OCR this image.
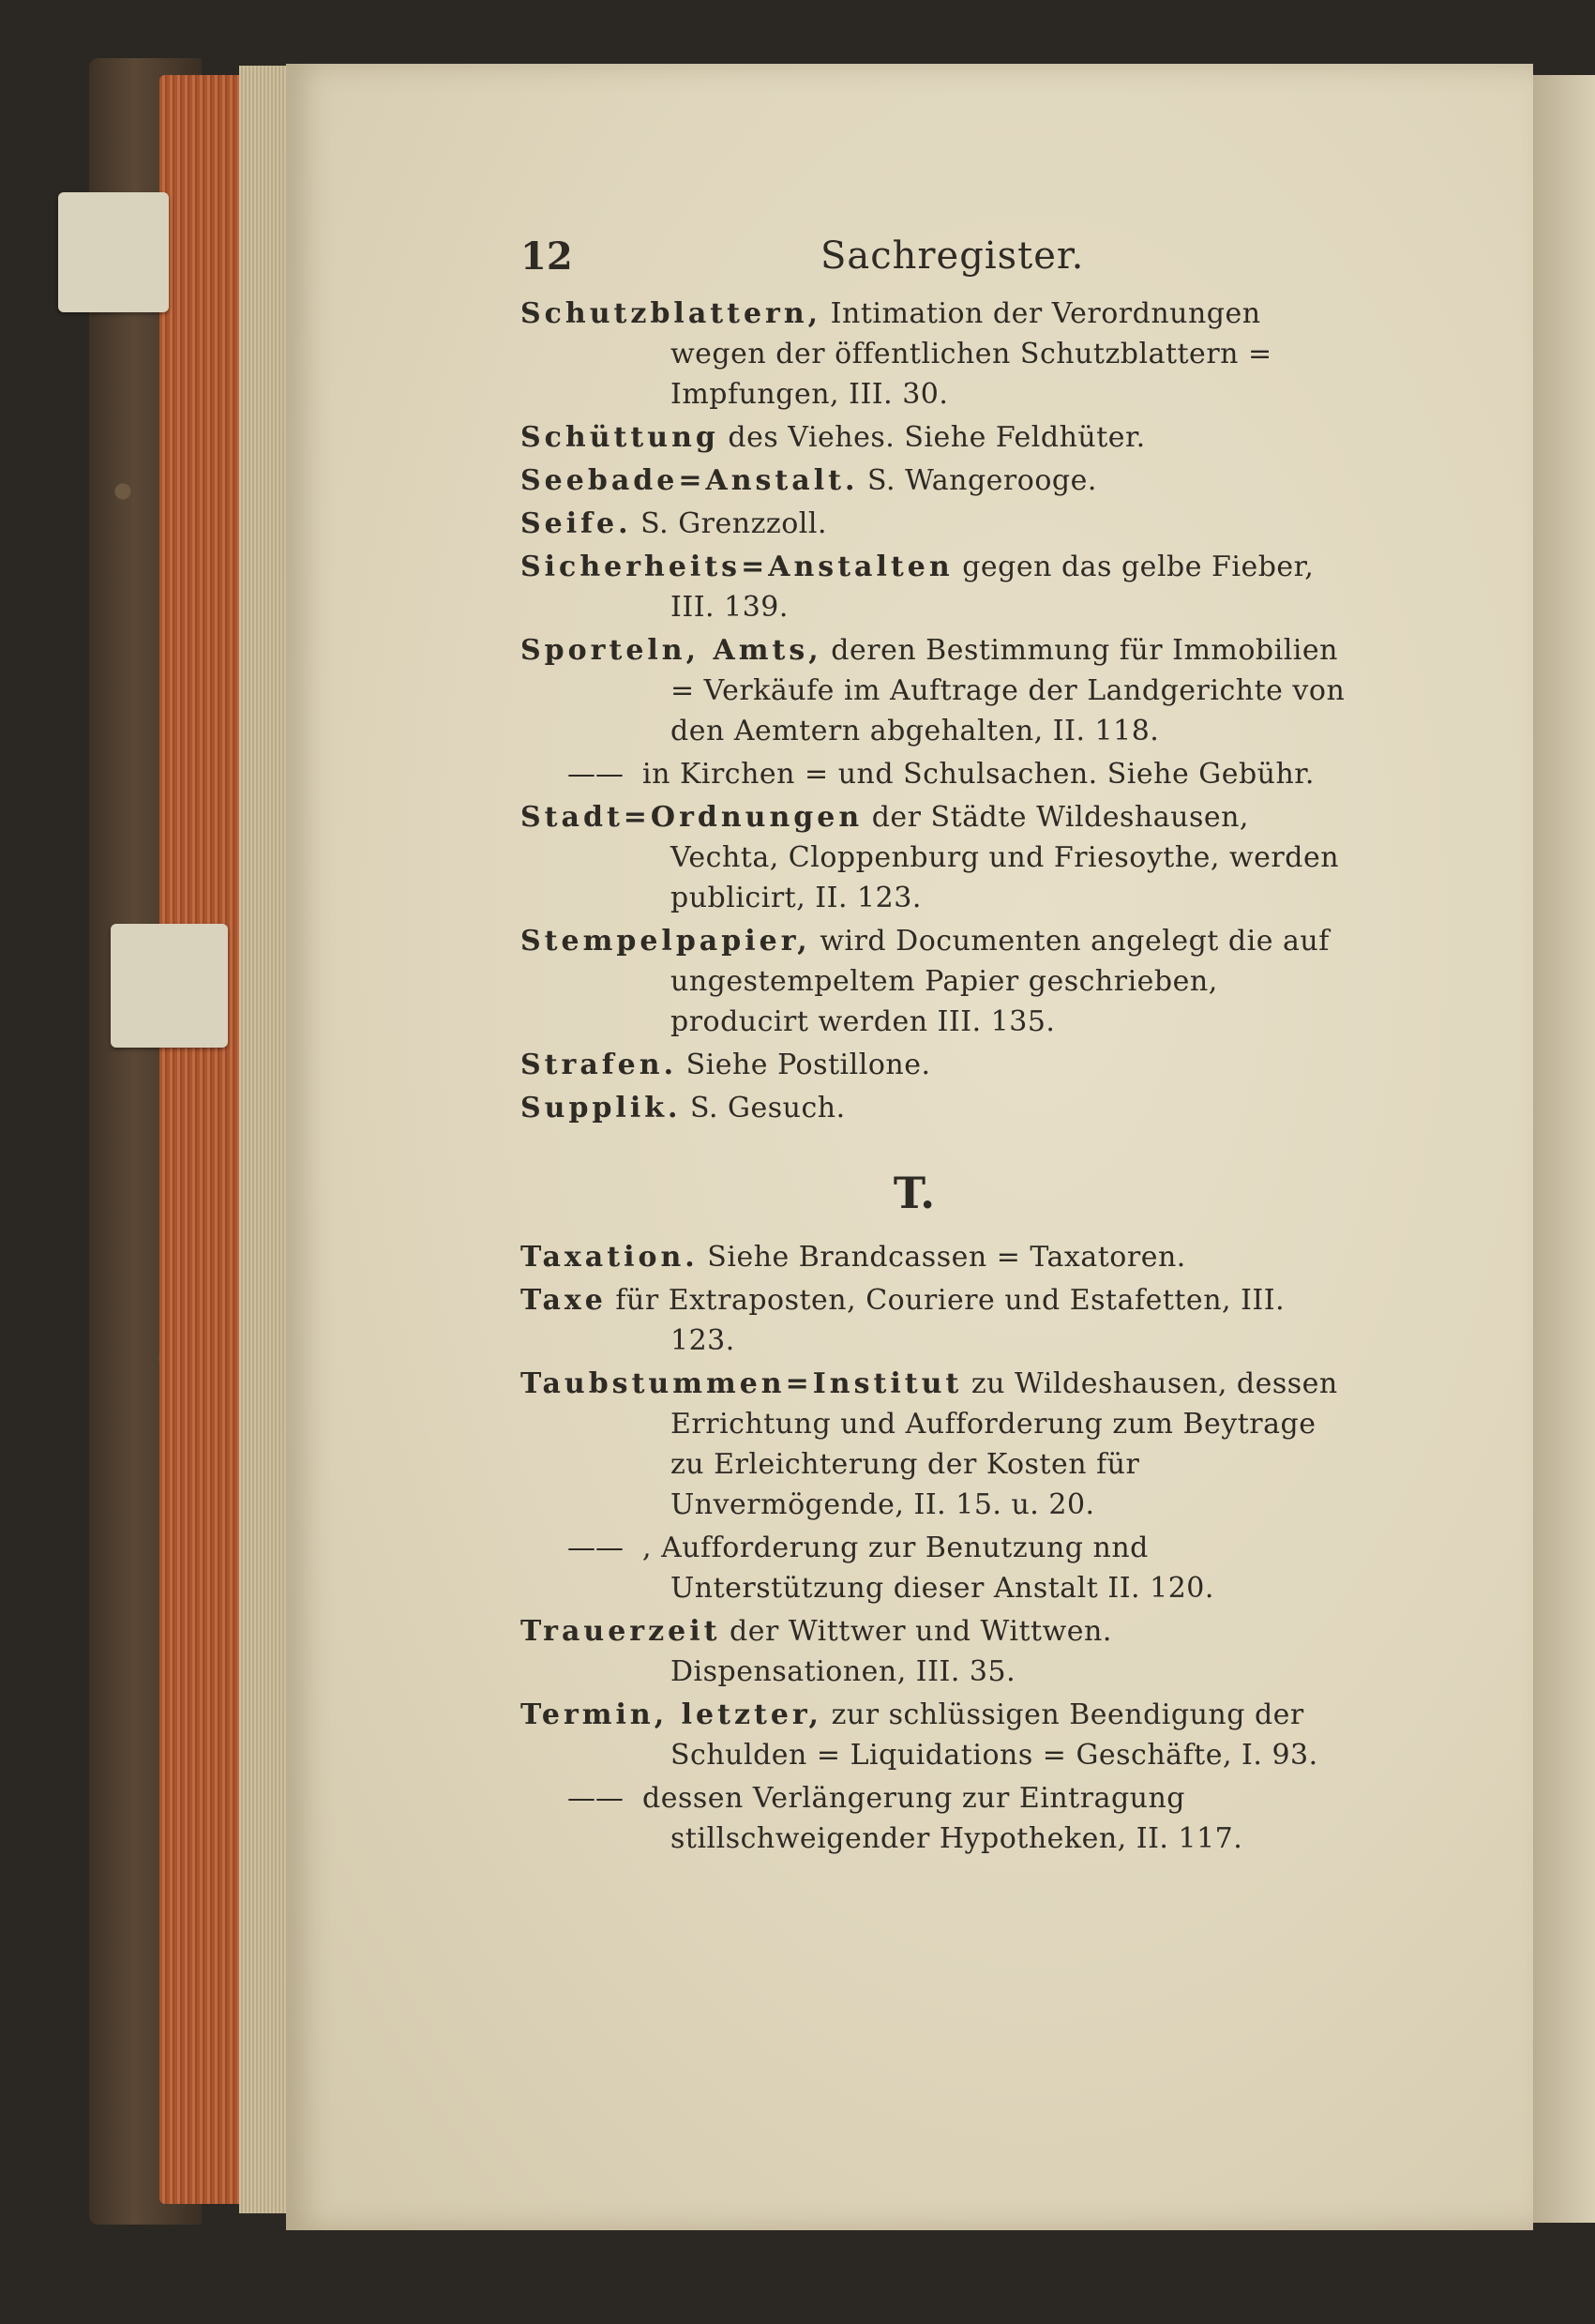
12	Sachregister.
Schutzblattern, Intimation der Verordnungen wegen der öffentlichen Schutzblattern = Impfungen, III. 30.
Schüttung des Viehes. Siehe Feldhüter.
Seebade=Anstalt. S. Wangerooge.
Seife. S. Grenzzoll.
Sicherheits=Anstalten gegen das gelbe Fieber, III. 139.
Sporteln, Amts, deren Bestimmung für Immobilien = Verkäufe im Auftrage der Landgerichte von den Aemtern abgehalten, II. 118.
—— in Kirchen = und Schulsachen. Siehe Gebühr.
Stadt=Ordnungen der Städte Wildeshausen, Vechta, Cloppenburg und Friesoythe, werden publicirt, II. 123.
Stempelpapier, wird Documenten angelegt die auf ungestempeltem Papier geschrieben, producirt werden III. 135.
Strafen. Siehe Postillone.
Supplik. S. Gesuch.
T.
Taxation. Siehe Brandcassen = Taxatoren.
Taxe für Extraposten, Couriere und Estafetten, III. 123.
Taubstummen=Institut zu Wildeshausen, dessen Errichtung und Aufforderung zum Beytrage zu Erleichterung der Kosten für Unvermögende, II. 15. u. 20.
—— , Aufforderung zur Benutzung nnd Unterstützung dieser Anstalt II. 120.
Trauerzeit der Wittwer und Wittwen. Dispensationen, III. 35.
Termin, letzter, zur schlüssigen Beendigung der Schulden = Liquidations = Geschäfte, I. 93.
—— dessen Verlängerung zur Eintragung stillschweigender Hypotheken, II. 117.
